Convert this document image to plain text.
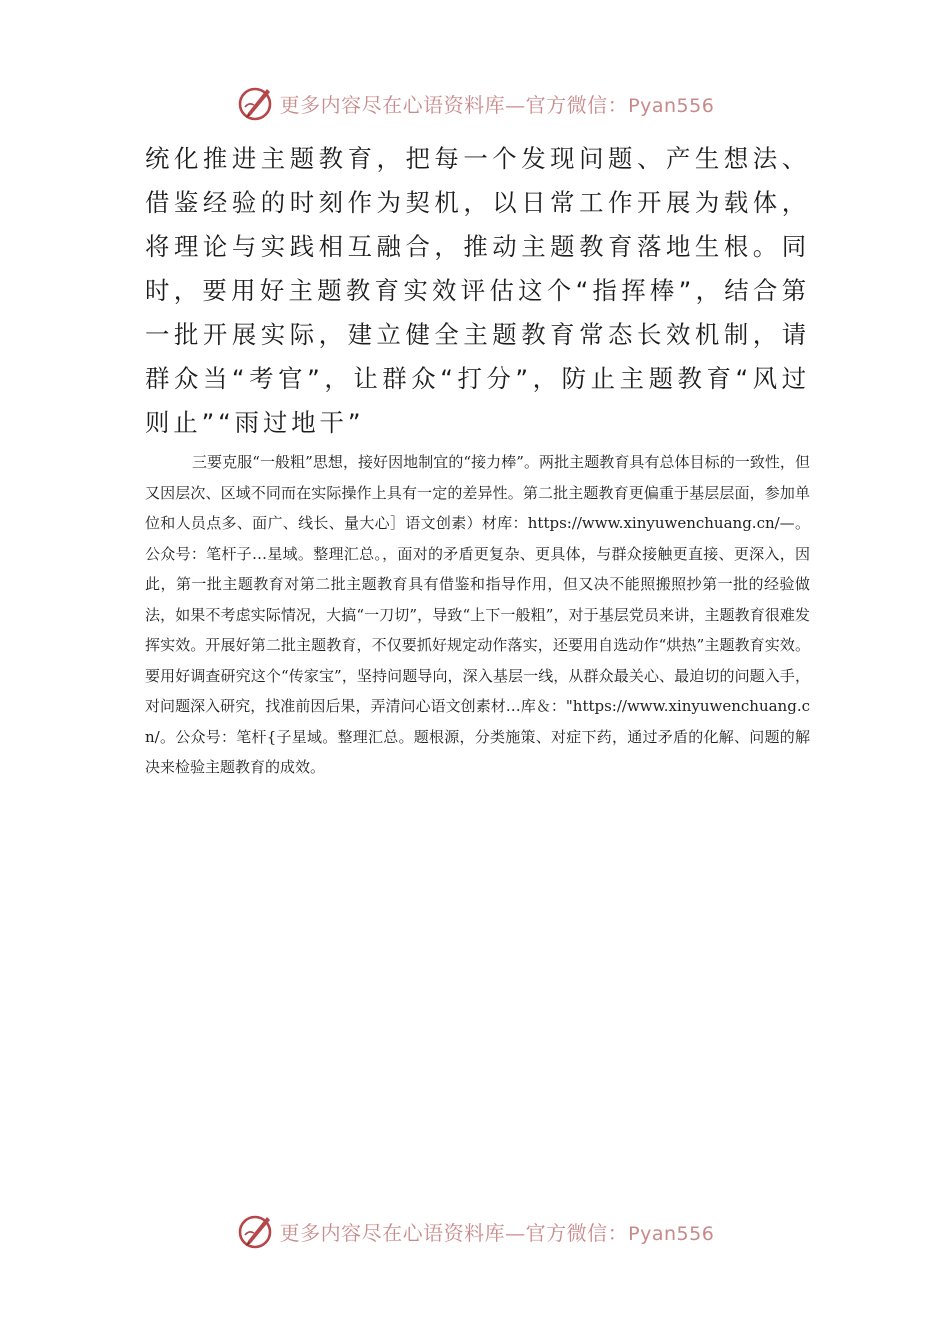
更多内容尽在心语资料库—官方微信：Pyan556

统化推进主题教育，把每一个发现问题、产生想法、借鉴经验的时刻作为契机，以日常工作开展为载体，将理论与实践相互融合，推动主题教育落地生根。同时，要用好主题教育实效评估这个“指挥棒”，结合第一批开展实际，建立健全主题教育常态长效机制，请群众当“考官”，让群众“打分”，防止主题教育“风过则止”“雨过地干”

三要克服“一般粗”思想，接好因地制宜的“接力棒”。两批主题教育具有总体目标的一致性，但又因层次、区域不同而在实际操作上具有一定的差异性。第二批主题教育更偏重于基层层面，参加单位和人员点多、面广、线长、量大心］语文创素）材库：https://www.xinyuwenchuang.cn/—。公众号：笔杆子…星域。整理汇总。，面对的矛盾更复杂、更具体，与群众接触更直接、更深入，因此，第一批主题教育对第二批主题教育具有借鉴和指导作用，但又决不能照搬照抄第一批的经验做法，如果不考虑实际情况，大搞“一刀切”，导致“上下一般粗”，对于基层党员来讲，主题教育很难发挥实效。开展好第二批主题教育，不仅要抓好规定动作落实，还要用自选动作“烘热”主题教育实效。要用好调查研究这个“传家宝”，坚持问题导向，深入基层一线，从群众最关心、最迫切的问题入手，对问题深入研究，找准前因后果，弄清问心语文创素材…库＆："https://www.xinyuwenchuang.cn/。公众号：笔杆{子星域。整理汇总。题根源，分类施策、对症下药，通过矛盾的化解、问题的解决来检验主题教育的成效。

更多内容尽在心语资料库—官方微信：Pyan556
